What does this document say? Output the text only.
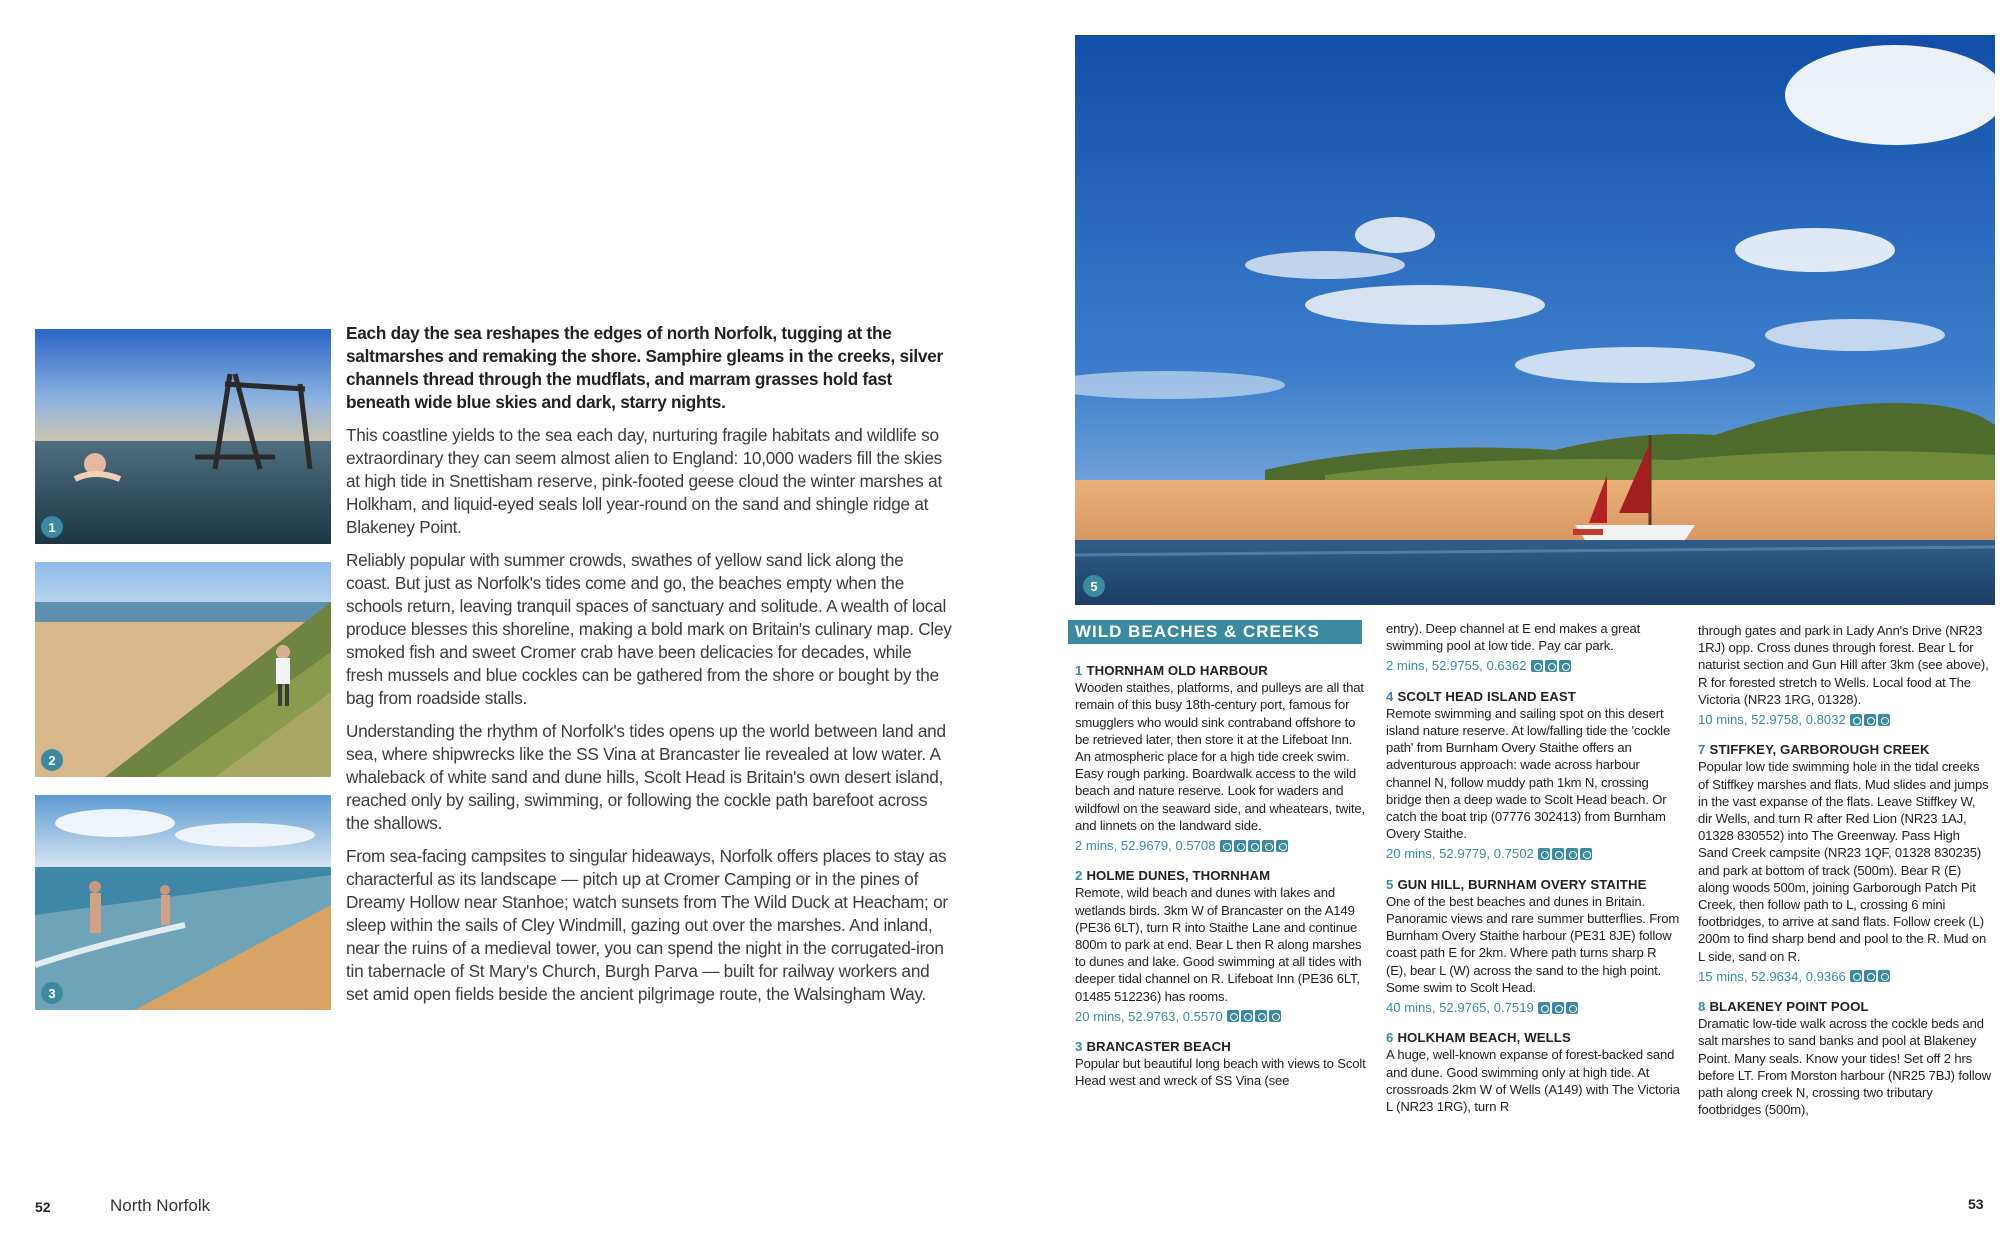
1
2
3

Each day the sea reshapes the edges of north Norfolk, tugging at the saltmarshes and remaking the shore. Samphire gleams in the creeks, silver channels thread through the mudflats, and marram grasses hold fast beneath wide blue skies and dark, starry nights.

This coastline yields to the sea each day, nurturing fragile habitats and wildlife so extraordinary they can seem almost alien to England: 10,000 waders fill the skies at high tide in Snettisham reserve, pink-footed geese cloud the winter marshes at Holkham, and liquid-eyed seals loll year-round on the sand and shingle ridge at Blakeney Point.

Reliably popular with summer crowds, swathes of yellow sand lick along the coast. But just as Norfolk's tides come and go, the beaches empty when the schools return, leaving tranquil spaces of sanctuary and solitude. A wealth of local produce blesses this shoreline, making a bold mark on Britain's culinary map. Cley smoked fish and sweet Cromer crab have been delicacies for decades, while fresh mussels and blue cockles can be gathered from the shore or bought by the bag from roadside stalls.

Understanding the rhythm of Norfolk's tides opens up the world between land and sea, where shipwrecks like the SS Vina at Brancaster lie revealed at low water. A whaleback of white sand and dune hills, Scolt Head is Britain's own desert island, reached only by sailing, swimming, or following the cockle path barefoot across the shallows.

From sea-facing campsites to singular hideaways, Norfolk offers places to stay as characterful as its landscape — pitch up at Cromer Camping or in the pines of Dreamy Hollow near Stanhoe; watch sunsets from The Wild Duck at Heacham; or sleep within the sails of Cley Windmill, gazing out over the marshes. And inland, near the ruins of a medieval tower, you can spend the night in the corrugated-iron tin tabernacle of St Mary's Church, Burgh Parva — built for railway workers and set amid open fields beside the ancient pilgrimage route, the Walsingham Way.

52	North Norfolk
5
WILD BEACHES & CREEKS
1 THORNHAM OLD HARBOUR
Wooden staithes, platforms, and pulleys are all that remain of this busy 18th-century port, famous for smugglers who would sink contraband offshore to be retrieved later, then store it at the Lifeboat Inn. An atmospheric place for a high tide creek swim. Easy rough parking. Boardwalk access to the wild beach and nature reserve. Look for waders and wildfowl on the seaward side, and wheatears, twite, and linnets on the landward side.
2 mins, 52.9679, 0.5708
2 HOLME DUNES, THORNHAM
Remote, wild beach and dunes with lakes and wetlands birds. 3km W of Brancaster on the A149 (PE36 6LT), turn R into Staithe Lane and continue 800m to park at end. Bear L then R along marshes to dunes and lake. Good swimming at all tides with deeper tidal channel on R. Lifeboat Inn (PE36 6LT, 01485 512236) has rooms.
20 mins, 52.9763, 0.5570
3 BRANCASTER BEACH
Popular but beautiful long beach with views to Scolt Head west and wreck of SS Vina (see
entry). Deep channel at E end makes a great swimming pool at low tide. Pay car park.
2 mins, 52.9755, 0.6362
4 SCOLT HEAD ISLAND EAST
Remote swimming and sailing spot on this desert island nature reserve. At low/falling tide the 'cockle path' from Burnham Overy Staithe offers an adventurous approach: wade across harbour channel N, follow muddy path 1km N, crossing bridge then a deep wade to Scolt Head beach. Or catch the boat trip (07776 302413) from Burnham Overy Staithe.
20 mins, 52.9779, 0.7502
5 GUN HILL, BURNHAM OVERY STAITHE
One of the best beaches and dunes in Britain. Panoramic views and rare summer butterflies. From Burnham Overy Staithe harbour (PE31 8JE) follow coast path E for 2km. Where path turns sharp R (E), bear L (W) across the sand to the high point. Some swim to Scolt Head.
40 mins, 52.9765, 0.7519
6 HOLKHAM BEACH, WELLS
A huge, well-known expanse of forest-backed sand and dune. Good swimming only at high tide. At crossroads 2km W of Wells (A149) with The Victoria L (NR23 1RG), turn R
through gates and park in Lady Ann's Drive (NR23 1RJ) opp. Cross dunes through forest. Bear L for naturist section and Gun Hill after 3km (see above), R for forested stretch to Wells. Local food at The Victoria (NR23 1RG, 01328).
10 mins, 52.9758, 0.8032
7 STIFFKEY, GARBOROUGH CREEK
Popular low tide swimming hole in the tidal creeks of Stiffkey marshes and flats. Mud slides and jumps in the vast expanse of the flats. Leave Stiffkey W, dir Wells, and turn R after Red Lion (NR23 1AJ, 01328 830552) into The Greenway. Pass High Sand Creek campsite (NR23 1QF, 01328 830235) and park at bottom of track (500m). Bear R (E) along woods 500m, joining Garborough Patch Pit Creek, then follow path to L, crossing 6 mini footbridges, to arrive at sand flats. Follow creek (L) 200m to find sharp bend and pool to the R. Mud on L side, sand on R.
15 mins, 52.9634, 0.9366
8 BLAKENEY POINT POOL
Dramatic low-tide walk across the cockle beds and salt marshes to sand banks and pool at Blakeney Point. Many seals. Know your tides! Set off 2 hrs before LT. From Morston harbour (NR25 7BJ) follow path along creek N, crossing two tributary footbridges (500m),
53
